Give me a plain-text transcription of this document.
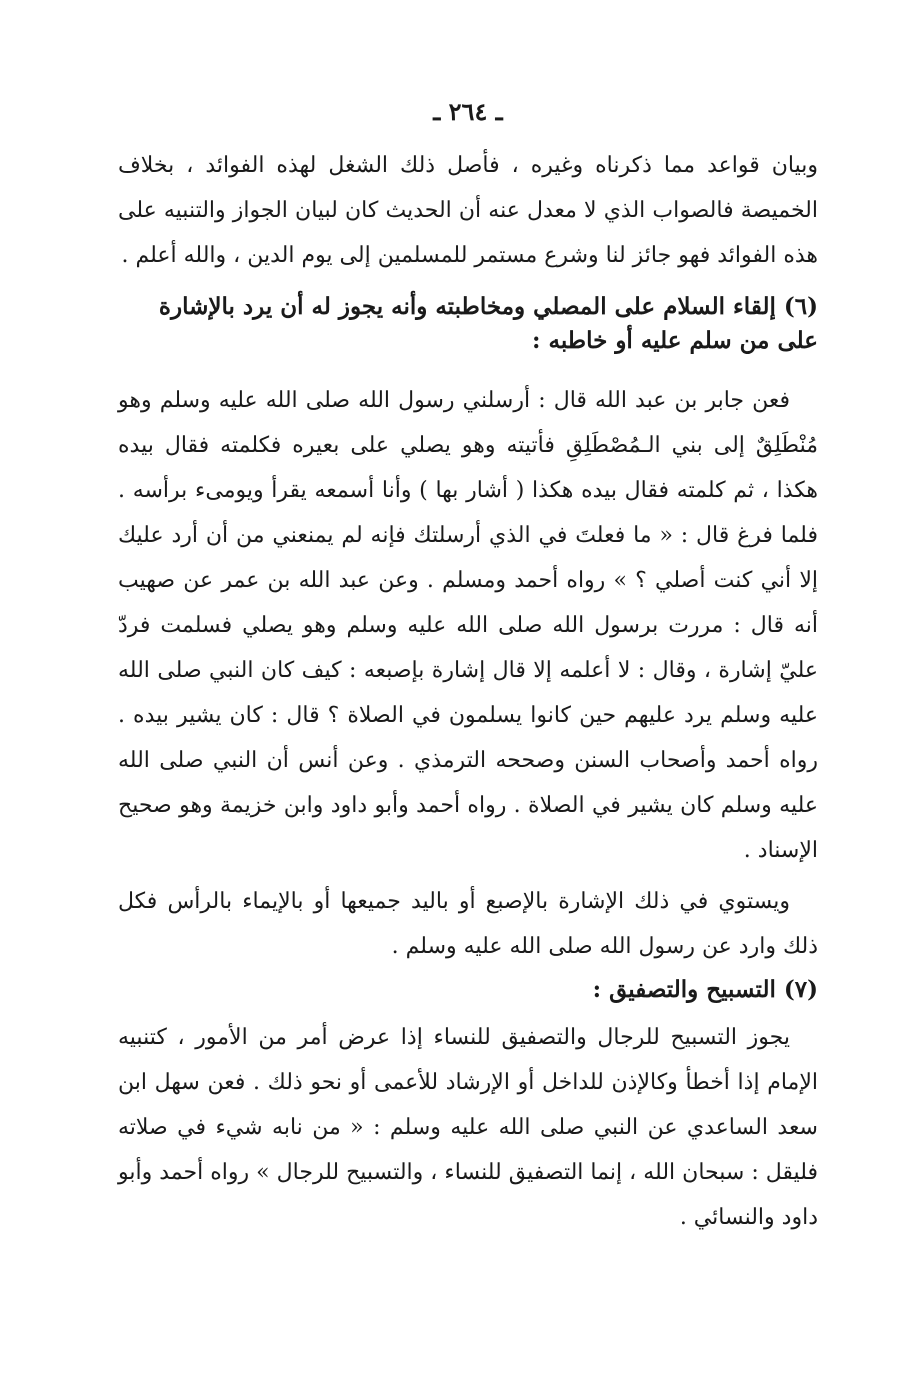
ـ ٢٦٤ ـ

وبيان قواعد مما ذكرناه وغيره ، فأصل ذلك الشغل لهذه الفوائد ، بخلاف الخميصة فالصواب الذي لا معدل عنه أن الحديث كان لبيان الجواز والتنبيه على هذه الفوائد فهو جائز لنا وشرع مستمر للمسلمين إلى يوم الدين ، والله أعلم .

(٦)إلقاء السلام على المصلي ومخاطبته وأنه يجوز له أن يرد بالإشارة على من سلم عليه أو خاطبه :

فعن جابر بن عبد الله قال : أرسلني رسول الله صلى الله عليه وسلم وهو مُنْطَلِقٌ إلى بني الـمُصْطَلِقِ فأتيته وهو يصلي على بعيره فكلمته فقال بيده هكذا ، ثم كلمته فقال بيده هكذا ( أشار بها ) وأنا أسمعه يقرأ ويومىء برأسه . فلما فرغ قال : « ما فعلتَ في الذي أرسلتك فإنه لم يمنعني من أن أرد عليك إلا أني كنت أصلي ؟ » رواه أحمد ومسلم . وعن عبد الله بن عمر عن صهيب أنه قال : مررت برسول الله صلى الله عليه وسلم وهو يصلي فسلمت فردّ عليّ إشارة ، وقال : لا أعلمه إلا قال إشارة بإصبعه : كيف كان النبي صلى الله عليه وسلم يرد عليهم حين كانوا يسلمون في الصلاة ؟ قال : كان يشير بيده . رواه أحمد وأصحاب السنن وصححه الترمذي . وعن أنس أن النبي صلى الله عليه وسلم كان يشير في الصلاة . رواه أحمد وأبو داود وابن خزيمة وهو صحيح الإسناد .

ويستوي في ذلك الإشارة بالإصبع أو باليد جميعها أو بالإيماء بالرأس فكل ذلك وارد عن رسول الله صلى الله عليه وسلم .

(٧)التسبيح والتصفيق :

يجوز التسبيح للرجال والتصفيق للنساء إذا عرض أمر من الأمور ، كتنبيه الإمام إذا أخطأ وكالإذن للداخل أو الإرشاد للأعمى أو نحو ذلك . فعن سهل ابن سعد الساعدي عن النبي صلى الله عليه وسلم : « من نابه شيء في صلاته فليقل : سبحان الله ، إنما التصفيق للنساء ، والتسبيح للرجال » رواه أحمد وأبو داود والنسائي .
